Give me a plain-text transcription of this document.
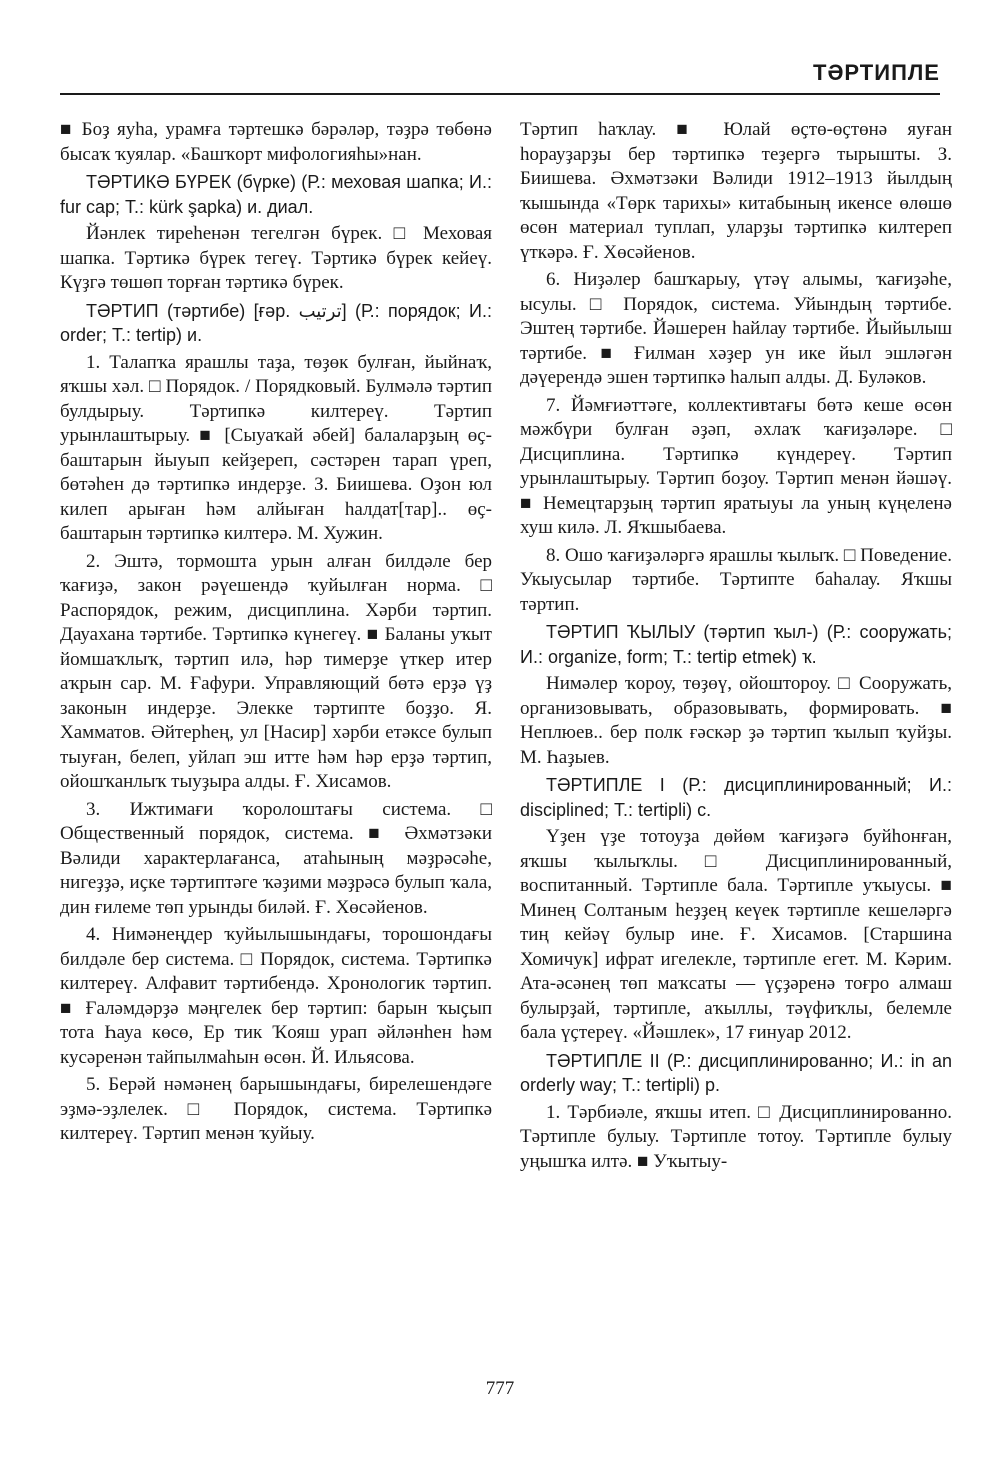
ТӘРТИПЛЕ

■ Боҙ яуһа, урамға тәртешкә бәрәләр, тәҙрә төбөнә бысаҡ ҡуялар. «Башҡорт мифологияһы»нан.

ТӘРТИКӘ БҮРЕК (бүрке) (Р.: меховая шапка; И.: fur cap; Т.: kürk şapka) и. диал.

Йәнлек тиреһенән тегелгән бүрек. □ Меховая шапка. Тәртикә бүрек тегеү. Тәртикә бүрек кейеү. Күҙгә төшөп торған тәртикә бүрек.

ТӘРТИП (тәртибе) [ғәр. ترتيب] (Р.: порядок; И.: order; Т.: tertip) и.

1. Талапҡа ярашлы таҙа, төҙөк булған, йыйнаҡ, яҡшы хәл. □ Порядок. / Порядковый. Булмәлә тәртип булдырыу. Тәртипкә килтереү. Тәртип урынлаштырыу. ■ [Сыуаҡай әбей] балаларҙың өҫ-баштарын йыуып кейҙереп, сәстәрен тарап үреп, бөтәһен дә тәртипкә индерҙе. З. Биишева. Оҙон юл килеп арыған һәм алйыған һалдат[тар].. өҫ-баштарын тәртипкә килтерә. М. Хужин.

2. Эштә, тормошта урын алған билдәле бер ҡағиҙә, закон рәүешендә ҡуйылған норма. □ Распорядок, режим, дисциплина. Хәрби тәртип. Дауахана тәртибе. Тәртипкә күнегеү. ■ Баланы уҡыт йомшаҡлыҡ, тәртип илә, һәр тимерҙе үткер итер аҡрын сар. М. Ғафури. Управляющий бөтә ерҙә үҙ законын индерҙе. Элекке тәртипте боҙҙо. Я. Хамматов. Әйтерһең, ул [Насир] хәрби етәксе булып тыуған, белеп, уйлап эш итте һәм һәр ерҙә тәртип, ойошҡанлыҡ тыуҙыра алды. Ғ. Хисамов.

3. Ижтимағи ҡоролоштағы система. □ Общественный порядок, система. ■ Әхмәтзәки Вәлиди характерлағанса, атаһының мәҙрәсәһе, нигеҙҙә, иҫке тәртиптәге ҡәҙими мәҙрәсә булып ҡала, дин ғилеме төп урынды биләй. Ғ. Хөсәйенов.

4. Нимәнеңдер ҡуйылышындағы, торошондағы билдәле бер система. □ Порядок, система. Тәртипкә килтереү. Алфавит тәртибендә. Хронологик тәртип. ■ Ғаләмдәрҙә мәңгелек бер тәртип: барын ҡыҫып тота Һауа көсө, Ер тик Ҡояш урап әйләнһен һәм кусәренән тайпылмаһын өсөн. Й. Ильясова.

5. Берәй нәмәнең барышындағы, бирелешендәге эҙмә-эҙлелек. □ Порядок, система. Тәртипкә килтереү. Тәртип менән ҡуйыу.

Тәртип һаҡлау. ■ Юлай өҫтө-өҫтөнә яуған һорауҙарҙы бер тәртипкә теҙергә тырышты. З. Биишева. Әхмәтзәки Вәлиди 1912–1913 йылдың ҡышында «Төрк тарихы» китабының икенсе өлөшө өсөн материал туплап, уларҙы тәртипкә килтереп үткәрә. Ғ. Хөсәйенов.

6. Ниҙәлер башҡарыу, үтәү алымы, ҡағиҙәһе, ысулы. □ Порядок, система. Уйындың тәртибе. Эштең тәртибе. Йәшерен һайлау тәртибе. Йыйылыш тәртибе. ■ Ғилман хәҙер ун ике йыл эшләгән дәүерендә эшен тәртипкә һалып алды. Д. Буләков.

7. Йәмғиәттәге, коллективтағы бөтә кеше өсөн мәжбүри булған әҙәп, әхлаҡ ҡағиҙәләре. □ Дисциплина. Тәртипкә күндереү. Тәртип урынлаштырыу. Тәртип боҙоу. Тәртип менән йәшәү. ■ Немецтарҙың тәртип яратыуы ла уның күңеленә хуш килә. Л. Яҡшыбаева.

8. Ошо ҡағиҙәләргә ярашлы ҡылыҡ. □ Поведение. Укыусылар тәртибе. Тәртипте баһалау. Яҡшы тәртип.

ТӘРТИП ҠЫЛЫУ (тәртип ҡыл-) (Р.: сооружать; И.: organize, form; Т.: tertip etmek) ҡ.

Нимәлер ҡороу, төҙөү, ойоштороу. □ Сооружать, организовывать, образовывать, формировать. ■ Неплюев.. бер полк ғәскәр ҙә тәртип ҡылып ҡуйҙы. М. Һаҙыев.

ТӘРТИПЛЕ I (Р.: дисциплинированный; И.: disciplined; Т.: tertipli) с.

Үҙен үҙе тотоуҙа дөйөм ҡағиҙәгә буйһонған, яҡшы ҡылыҡлы. □ Дисциплинированный, воспитанный. Тәртипле бала. Тәртипле уҡыусы. ■ Минең Солтаным һеҙҙең кеүек тәртипле кешеләргә тиң кейәү булыр ине. Ғ. Хисамов. [Старшина Хомичук] ифрат игелекле, тәртипле егет. М. Кәрим. Ата-әсәнең төп маҡсаты — үҫҙәренә тоғро алмаш булырҙай, тәртипле, аҡыллы, тәүфиҡлы, белемле бала үҫтереү. «Йәшлек», 17 ғинуар 2012.

ТӘРТИПЛЕ II (Р.: дисциплинированно; И.: in an orderly way; Т.: tertipli) р.

1. Тәрбиәле, яҡшы итеп. □ Дисциплинированно. Тәртипле булыу. Тәртипле тотоу. Тәртипле булыу уңышҡа илтә. ■ Уҡытыу-

777
